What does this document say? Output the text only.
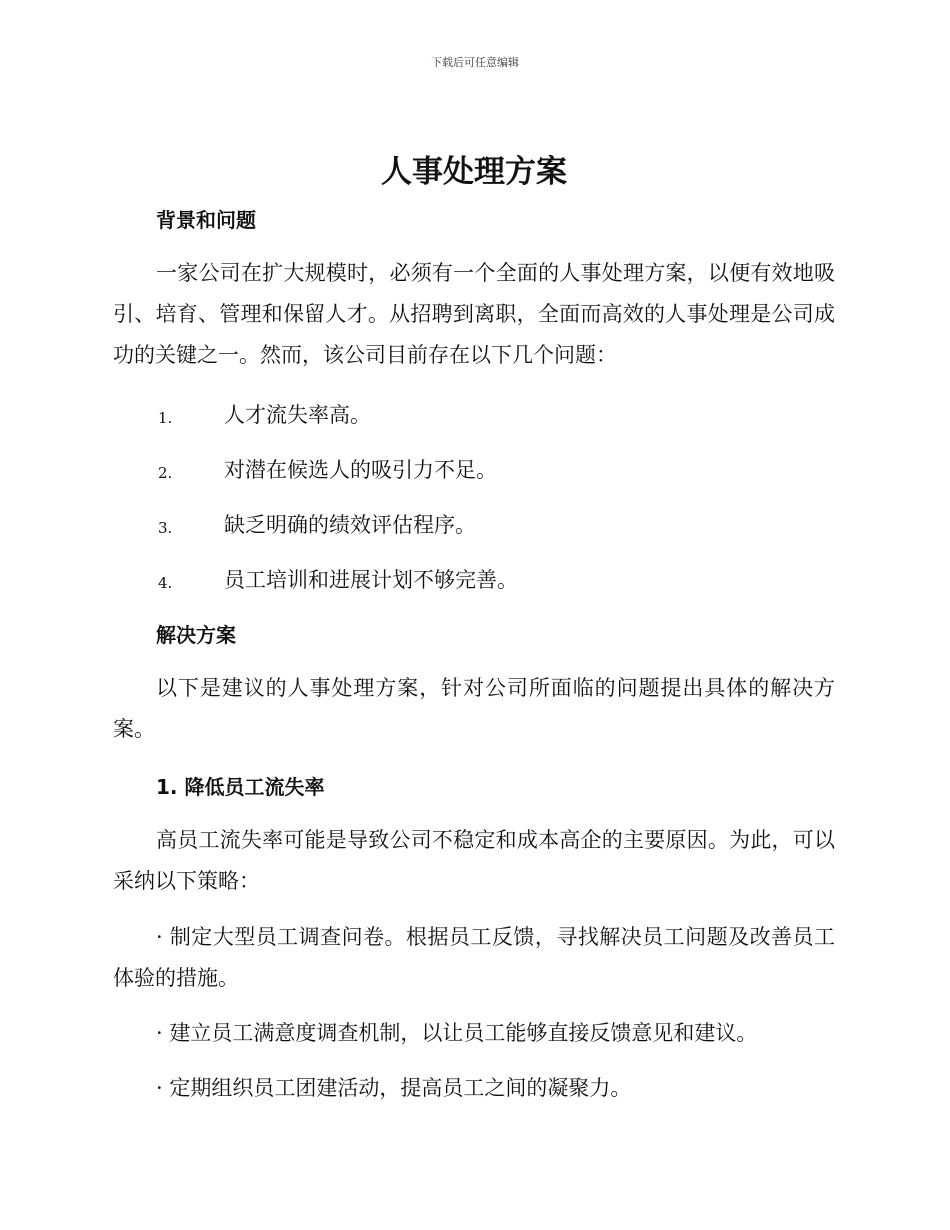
下载后可任意编辑
人事处理方案
背景和问题

一家公司在扩大规模时，必须有一个全面的人事处理方案，以便有效地吸引、培育、管理和保留人才。从招聘到离职，全面而高效的人事处理是公司成功的关键之一。然而，该公司目前存在以下几个问题：

1. 人才流失率高。
2. 对潜在候选人的吸引力不足。
3. 缺乏明确的绩效评估程序。
4. 员工培训和进展计划不够完善。
解决方案

以下是建议的人事处理方案，针对公司所面临的问题提出具体的解决方案。

1. 降低员工流失率

高员工流失率可能是导致公司不稳定和成本高企的主要原因。为此，可以采纳以下策略：

· 制定大型员工调查问卷。根据员工反馈，寻找解决员工问题及改善员工体验的措施。

· 建立员工满意度调查机制，以让员工能够直接反馈意见和建议。

· 定期组织员工团建活动，提高员工之间的凝聚力。
